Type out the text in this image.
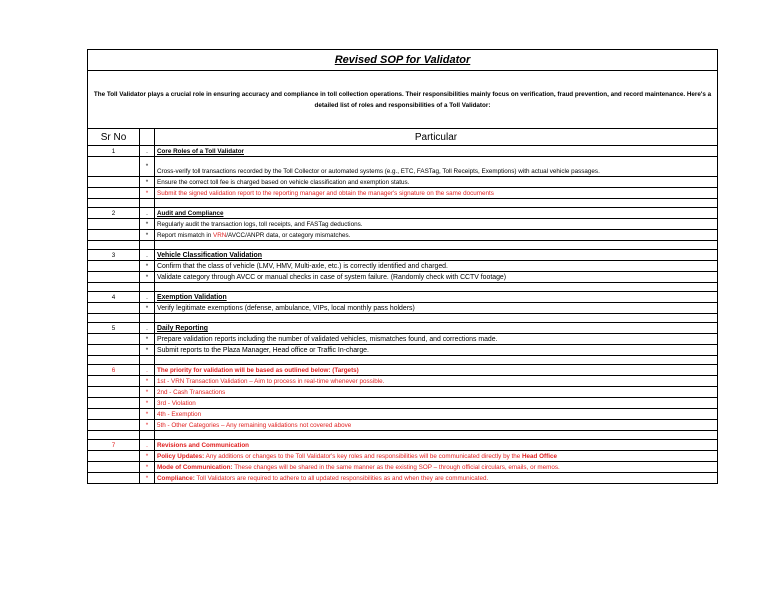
Revised SOP for Validator
The Toll Validator plays a crucial role in ensuring accuracy and compliance in toll collection operations. Their responsibilities mainly focus on verification, fraud prevention, and record maintenance. Here's a detailed list of roles and responsibilities of a Toll Validator:
Sr No		Particular
1	.	Core Roles of a Toll Validator
	*	Cross-verify toll transactions recorded by the Toll Collector or automated systems (e.g., ETC, FASTag, Toll Receipts, Exemptions) with actual vehicle passages.
	*	Ensure the correct toll fee is charged based on vehicle classification and exemption status.
	*	Submit the signed validation report to the reporting manager and obtain the manager's signature on the same documents

2	.	Audit and Compliance
	*	Regularly audit the transaction logs, toll receipts, and FASTag deductions.
	*	Report mismatch in VRN/AVCC/ANPR data, or category mismatches.

3	.	Vehicle Classification Validation
	*	Confirm that the class of vehicle (LMV, HMV, Multi-axle, etc.) is correctly identified and charged.
	*	Validate category through AVCC or manual checks in case of system failure. (Randomly check with CCTV footage)

4	.	Exemption Validation
	*	Verify legitimate exemptions (defense, ambulance, VIPs, local monthly pass holders)

5	.	Daily Reporting
	*	Prepare validation reports including the number of validated vehicles, mismatches found, and corrections made.
	*	Submit reports to the Plaza Manager, Head office or Traffic In-charge.

6	.	The priority for validation will be based as outlined below: (Targets)
	*	1st - VRN Transaction Validation – Aim to process in real-time whenever possible.
	*	2nd - Cash Transactions
	*	3rd - Violation
	*	4th - Exemption
	*	5th - Other Categories – Any remaining validations not covered above

7	.	Revisions and Communication
	*	Policy Updates: Any additions or changes to the Toll Validator's key roles and responsibilities will be communicated directly by the Head Office
	*	Mode of Communication: These changes will be shared in the same manner as the existing SOP – through official circulars, emails, or memos.
	*	Compliance: Toll Validators are required to adhere to all updated responsibilities as and when they are communicated.
